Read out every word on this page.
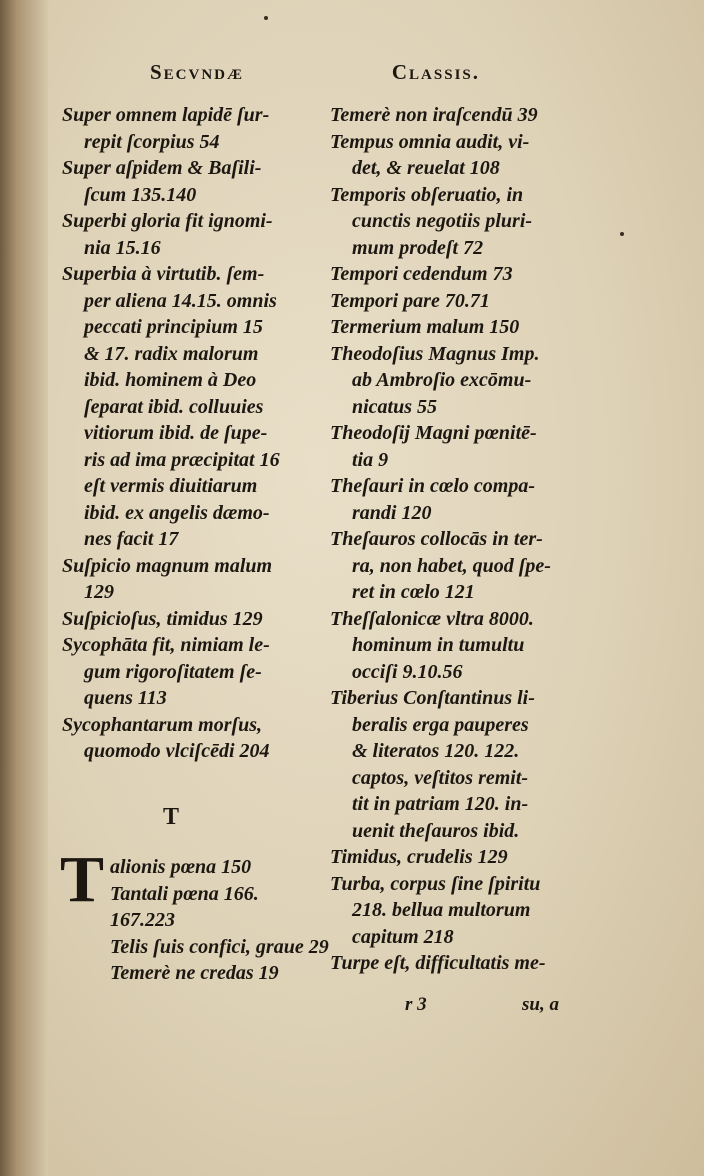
Secvndæ	Classis.
Super omnem lapidē ſur-
repit ſcorpius 54
Super aſpidem & Baſili-
ſcum 135.140
Superbi gloria fit ignomi-
nia 15.16
Superbia à virtutib. ſem-
per aliena 14.15. omnis
peccati principium 15
& 17. radix malorum
ibid. hominem à Deo
ſeparat ibid. colluuies
vitiorum ibid. de ſupe-
ris ad ima præcipitat 16
eſt vermis diuitiarum
ibid. ex angelis dæmo-
nes facit 17
Suſpicio magnum malum
129
Suſpicioſus, timidus 129
Sycophāta fit, nimiam le-
gum rigoroſitatem ſe-
quens 113
Sycophantarum morſus,
quomodo vlciſcēdi 204
T
T alionis pœna 150
Tantali pœna 166.
167.223
Telis ſuis confici, graue 29
Temerè ne credas 19
Temerè non iraſcendū 39
Tempus omnia audit, vi-
det, & reuelat 108
Temporis obſeruatio, in
cunctis negotiis pluri-
mum prodeſt 72
Tempori cedendum 73
Tempori pare 70.71
Termerium malum 150
Theodoſius Magnus Imp.
ab Ambroſio excōmu-
nicatus 55
Theodoſij Magni pœnitē-
tia 9
Theſauri in cœlo compa-
randi 120
Theſauros collocās in ter-
ra, non habet, quod ſpe-
ret in cœlo 121
Theſſalonicæ vltra 8000.
hominum in tumultu
occiſi 9.10.56
Tiberius Conſtantinus li-
beralis erga pauperes
& literatos 120. 122.
captos, veſtitos remit-
tit in patriam 120. in-
uenit theſauros ibid.
Timidus, crudelis 129
Turba, corpus ſine ſpiritu
218. bellua multorum
capitum 218
Turpe eſt, difficultatis me-
r 3	su, a
